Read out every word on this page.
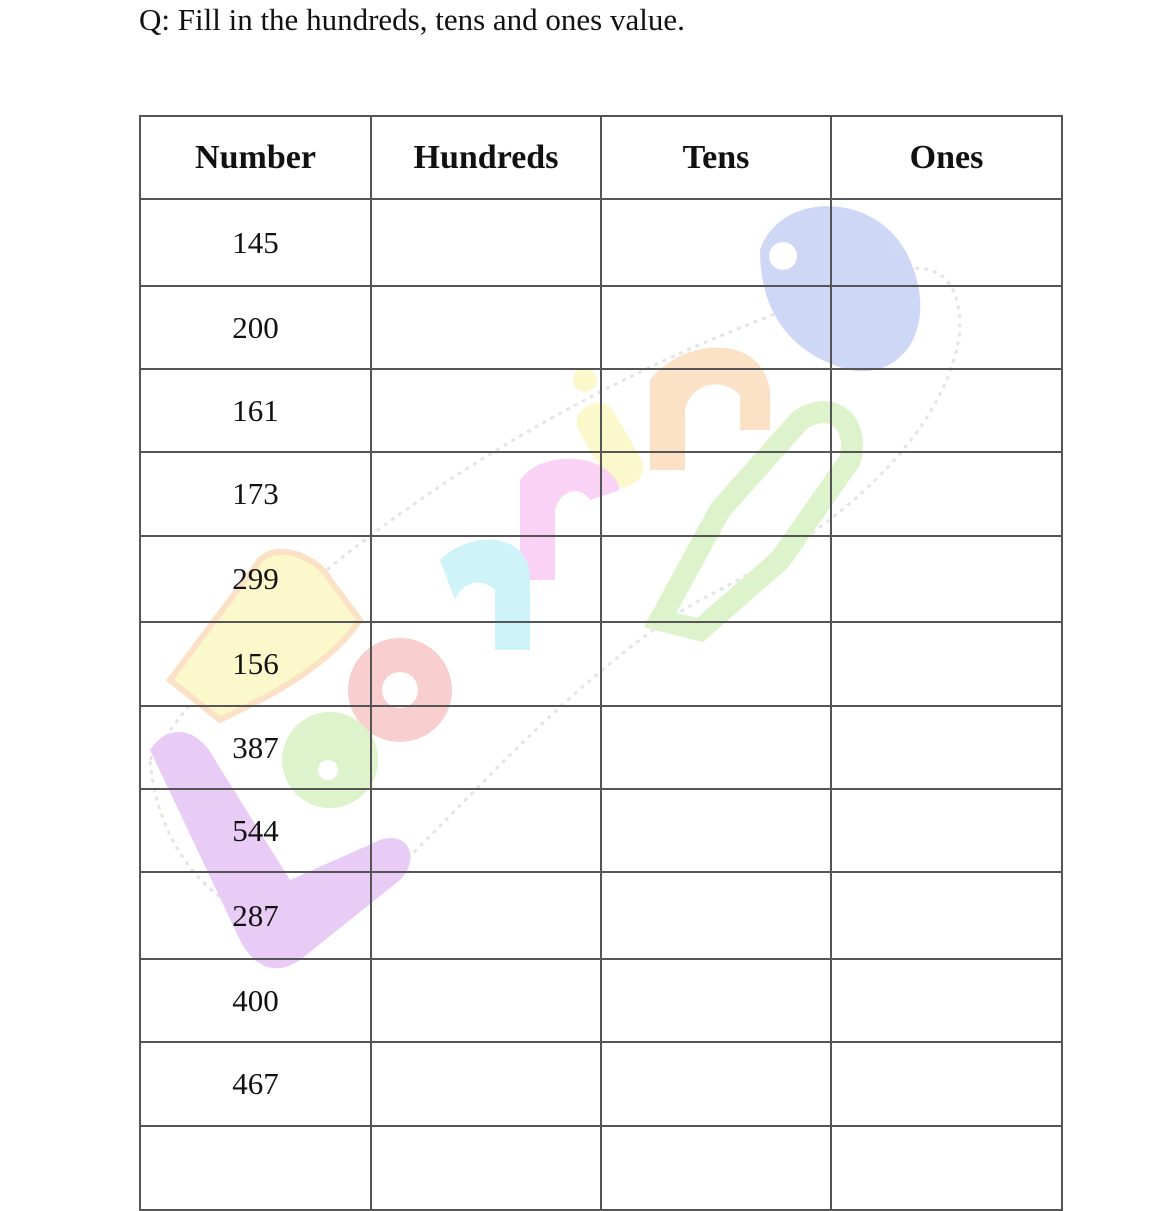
Q: Fill in the hundreds, tens and ones value.
Number	Hundreds	Tens	Ones
145			
200			
161			
173			
299			
156			
387			
544			
287			
400			
467			
